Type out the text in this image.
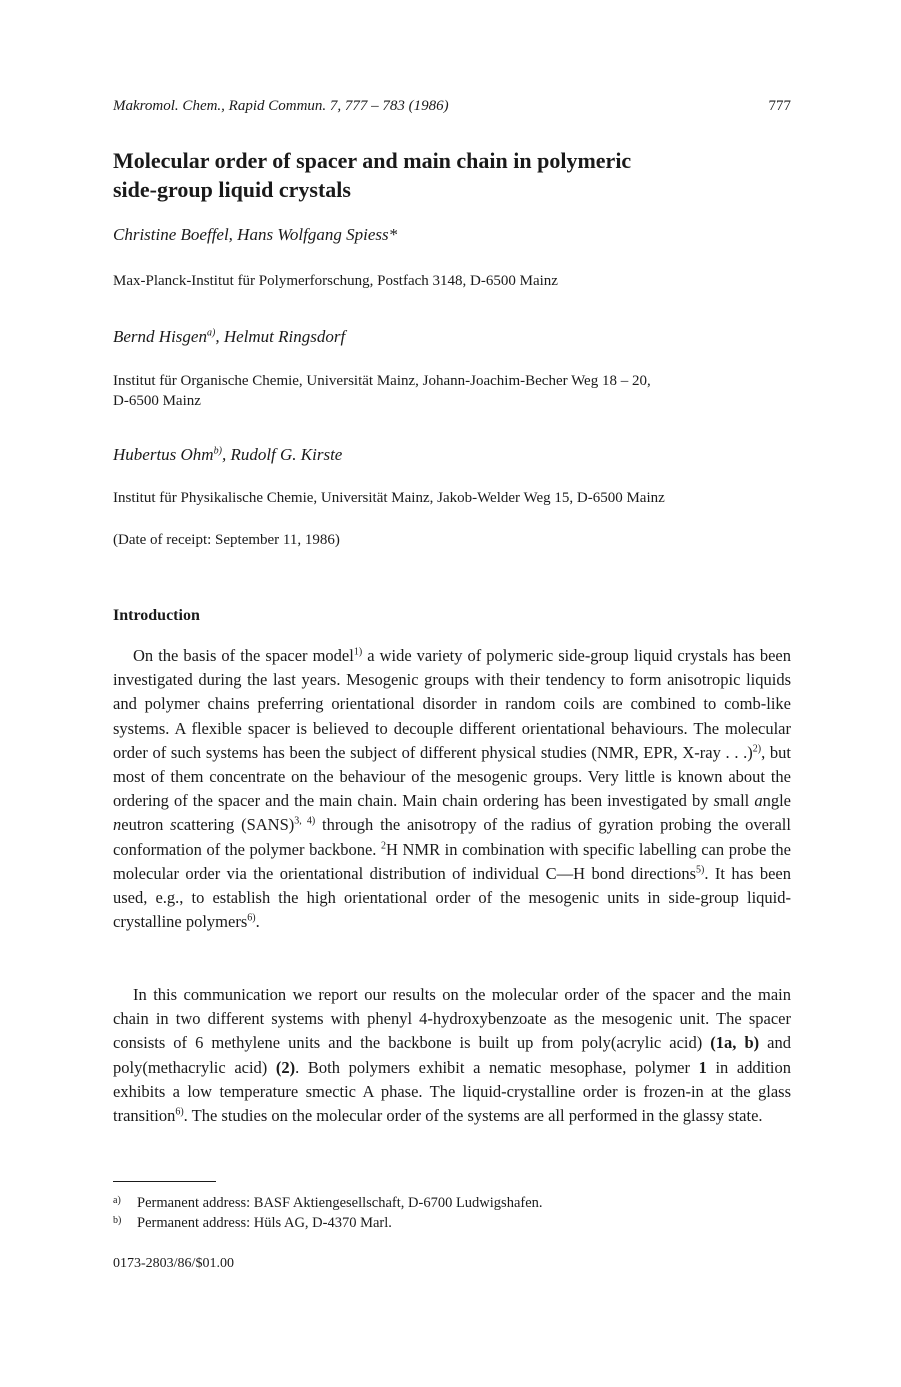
Makromol. Chem., Rapid Commun. 7, 777 – 783 (1986)	777
Molecular order of spacer and main chain in polymeric
side-group liquid crystals
Christine Boeffel, Hans Wolfgang Spiess*
Max-Planck-Institut für Polymerforschung, Postfach 3148, D-6500 Mainz
Bernd Hisgen$^{a)}$, Helmut Ringsdorf
Institut für Organische Chemie, Universität Mainz, Johann-Joachim-Becher Weg 18 – 20,
D-6500 Mainz
Hubertus Ohm$^{b)}$, Rudolf G. Kirste
Institut für Physikalische Chemie, Universität Mainz, Jakob-Welder Weg 15, D-6500 Mainz
(Date of receipt: September 11, 1986)
Introduction

On the basis of the spacer model$^{1)}$ a wide variety of polymeric side-group liquid crystals has been investigated during the last years. Mesogenic groups with their tendency to form anisotropic liquids and polymer chains preferring orientational disorder in random coils are combined to comb-like systems. A flexible spacer is believed to decouple different orientational behaviours. The molecular order of such systems has been the subject of different physical studies (NMR, EPR, X-ray . . .)$^{2)}$, but most of them concentrate on the behaviour of the mesogenic groups. Very little is known about the ordering of the spacer and the main chain. Main chain ordering has been investigated by small angle neutron scattering (SANS)$^{3, 4)}$ through the anisotropy of the radius of gyration probing the overall conformation of the polymer backbone. $^2$H NMR in combination with specific labelling can probe the molecular order via the orientational distribution of individual C—H bond directions$^{5)}$. It has been used, e.g., to establish the high orientational order of the mesogenic units in side-group liquid-crystalline polymers$^{6)}$.

In this communication we report our results on the molecular order of the spacer and the main chain in two different systems with phenyl 4-hydroxybenzoate as the mesogenic unit. The spacer consists of 6 methylene units and the backbone is built up from poly(acrylic acid) (1a, b) and poly(methacrylic acid) (2). Both polymers exhibit a nematic mesophase, polymer 1 in addition exhibits a low temperature smectic A phase. The liquid-crystalline order is frozen-in at the glass transition$^{6)}$. The studies on the molecular order of the systems are all performed in the glassy state.

a) Permanent address: BASF Aktiengesellschaft, D-6700 Ludwigshafen.
b) Permanent address: Hüls AG, D-4370 Marl.
0173-2803/86/$01.00
